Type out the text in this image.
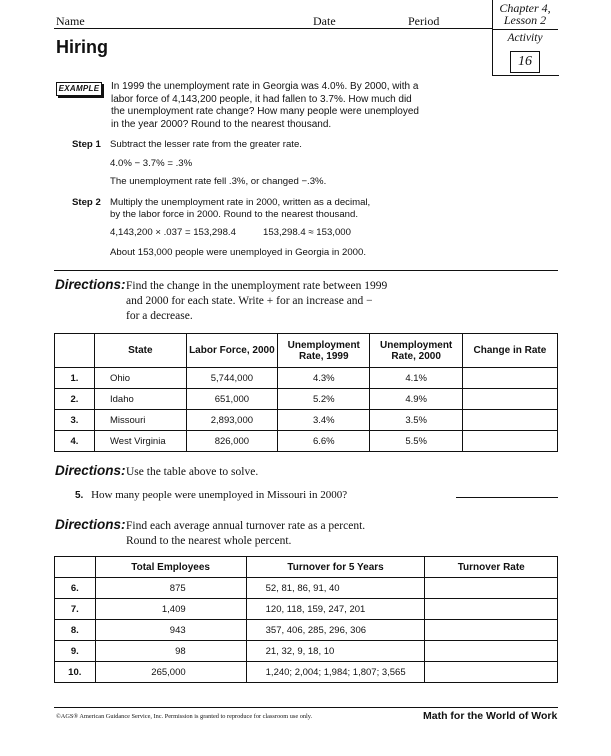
Name	Date	Period
Chapter 4,
Lesson 2
Activity
16
Hiring
EXAMPLE In 1999 the unemployment rate in Georgia was 4.0%. By 2000, with a
labor force of 4,143,200 people, it had fallen to 3.7%. How much did
the unemployment rate change? How many people were unemployed
in the year 2000? Round to the nearest thousand.
Step 1 Subtract the lesser rate from the greater rate.
4.0% − 3.7% = .3%
The unemployment rate fell .3%, or changed −.3%.
Step 2 Multiply the unemployment rate in 2000, written as a decimal,
by the labor force in 2000. Round to the nearest thousand.
4,143,200 × .037 = 153,298.4	153,298.4 ≈ 153,000
About 153,000 people were unemployed in Georgia in 2000.
Directions: Find the change in the unemployment rate between 1999
and 2000 for each state. Write + for an increase and −
for a decrease.
	State	Labor Force, 2000	Unemployment Rate, 1999	Unemployment Rate, 2000	Change in Rate
1.	Ohio	5,744,000	4.3%	4.1%	
2.	Idaho	651,000	5.2%	4.9%	
3.	Missouri	2,893,000	3.4%	3.5%	
4.	West Virginia	826,000	6.6%	5.5%	
Directions: Use the table above to solve.
5. How many people were unemployed in Missouri in 2000?
Directions: Find each average annual turnover rate as a percent.
Round to the nearest whole percent.
	Total Employees	Turnover for 5 Years	Turnover Rate
6.	875	52, 81, 86, 91, 40	
7.	1,409	120, 118, 159, 247, 201	
8.	943	357, 406, 285, 296, 306	
9.	98	21, 32, 9, 18, 10	
10.	265,000	1,240; 2,004; 1,984; 1,807; 3,565	
©AGS® American Guidance Service, Inc. Permission is granted to reproduce for classroom use only.	Math for the World of Work
